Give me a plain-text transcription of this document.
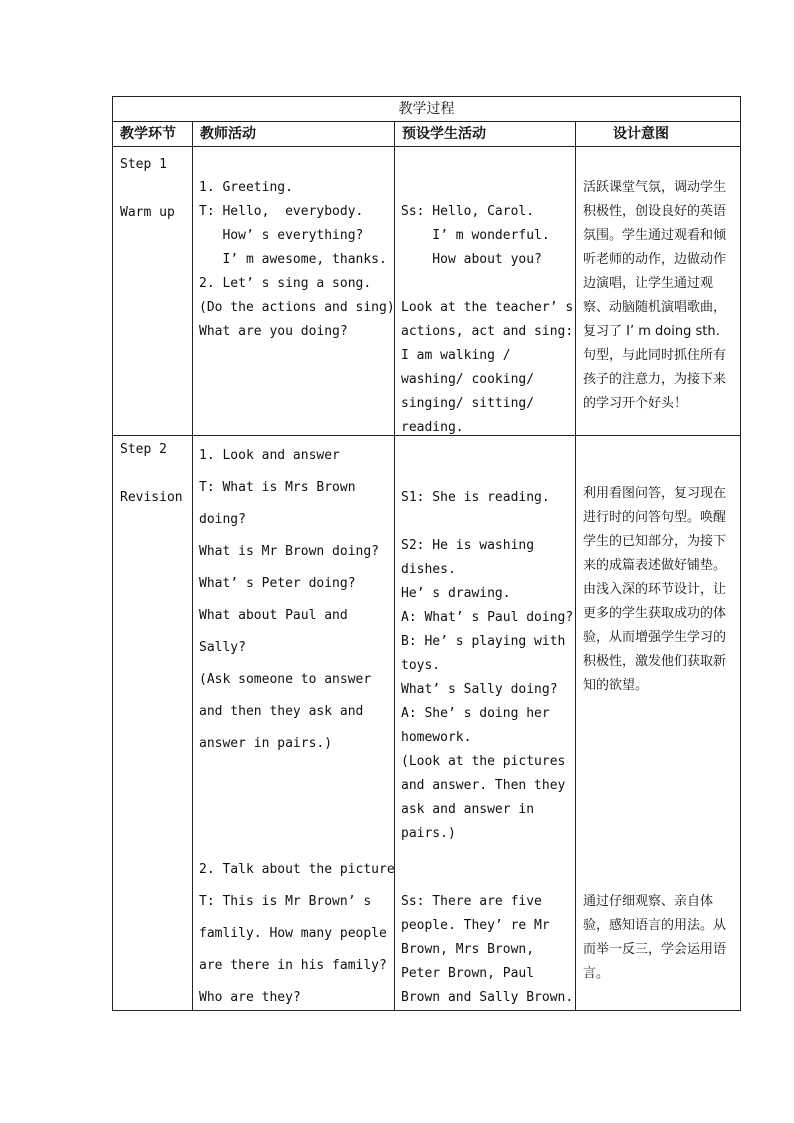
教学过程
教学环节 教师活动	预设学生活动	设计意图
Step 1
Warm up
1. Greeting.
T: Hello,  everybody.
How’ s everything?
I’ m awesome, thanks.
2. Let’ s sing a song.
(Do the actions and sing)
What are you doing?
Ss: Hello, Carol.
I’ m wonderful.
How about you?
Look at the teacher’ s
actions, act and sing:
I am walking /
washing/ cooking/
singing/ sitting/
reading.
活跃课堂气氛，调动学生积极性，创设良好的英语氛围。学生通过观看和倾听老师的动作，边做动作边演唱，让学生通过观察、动脑随机演唱歌曲，复习了 I’ m doing sth. 句型，与此同时抓住所有孩子的注意力，为接下来的学习开个好头！
Step 2
Revision
1. Look and answer
T: What is Mrs Brown
doing?
What is Mr Brown doing?
What’ s Peter doing?
What about Paul and
Sally?
(Ask someone to answer
and then they ask and
answer in pairs.)
2. Talk about the picture
T: This is Mr Brown’ s
famlily. How many people
are there in his family?
Who are they?
S1: She is reading.
S2: He is washing
dishes.
He’ s drawing.
A: What’ s Paul doing?
B: He’ s playing with
toys.
What’ s Sally doing?
A: She’ s doing her
homework.
(Look at the pictures
and answer. Then they
ask and answer in
pairs.)
Ss: There are five
people. They’ re Mr
Brown, Mrs Brown,
Peter Brown, Paul
Brown and Sally Brown.
利用看图问答，复习现在进行时的问答句型。唤醒学生的已知部分，为接下来的成篇表述做好铺垫。由浅入深的环节设计，让更多的学生获取成功的体验，从而增强学生学习的积极性，激发他们获取新知的欲望。
通过仔细观察、亲自体验，感知语言的用法。从而举一反三，学会运用语言。
